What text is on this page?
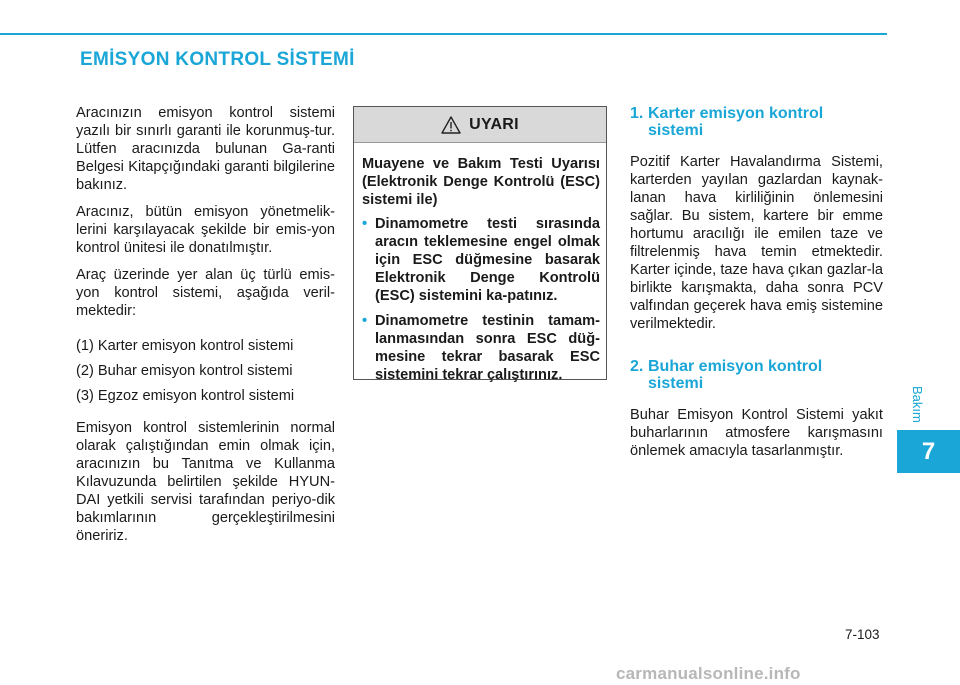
EMİSYON KONTROL SİSTEMİ

Aracınızın emisyon kontrol sistemi yazılı bir sınırlı garanti ile korunmuş-tur. Lütfen aracınızda bulunan Ga-ranti Belgesi Kitapçığındaki garanti bilgilerine bakınız.

Aracınız, bütün emisyon yönetmelik-lerini karşılayacak şekilde bir emis-yon kontrol ünitesi ile donatılmıştır.

Araç üzerinde yer alan üç türlü emis-yon kontrol sistemi, aşağıda veril-mektedir:

(1) Karter emisyon kontrol sistemi

(2) Buhar emisyon kontrol sistemi

(3) Egzoz emisyon kontrol sistemi

Emisyon kontrol sistemlerinin normal olarak çalıştığından emin olmak için, aracınızın bu Tanıtma ve Kullanma Kılavuzunda belirtilen şekilde HYUN-DAI yetkili servisi tarafından periyo-dik bakımlarının gerçekleştirilmesini öneririz.

UYARI

Muayene ve Bakım Testi Uyarısı (Elektronik Denge Kontrolü (ESC) sistemi ile)

• Dinamometre testi sırasında aracın teklemesine engel olmak için ESC düğmesine basarak Elektronik Denge Kontrolü (ESC) sistemini ka-patınız.
• Dinamometre testinin tamam-lanmasından sonra ESC düğ-mesine tekrar basarak ESC sistemini tekrar çalıştırınız.
1. Karter emisyon kontrol
sistemi

Pozitif Karter Havalandırma Sistemi, karterden yayılan gazlardan kaynak-lanan hava kirliliğinin önlemesini sağlar. Bu sistem, kartere bir emme hortumu aracılığı ile emilen taze ve filtrelenmiş hava temin etmektedir. Karter içinde, taze hava çıkan gazlar-la birlikte karışmakta, daha sonra PCV valfından geçerek hava emiş sistemine verilmektedir.

2. Buhar emisyon kontrol
sistemi

Buhar Emisyon Kontrol Sistemi yakıt buharlarının atmosfere karışmasını önlemek amacıyla tasarlanmıştır.

Bakım
7
7-103
carmanualsonline.info
